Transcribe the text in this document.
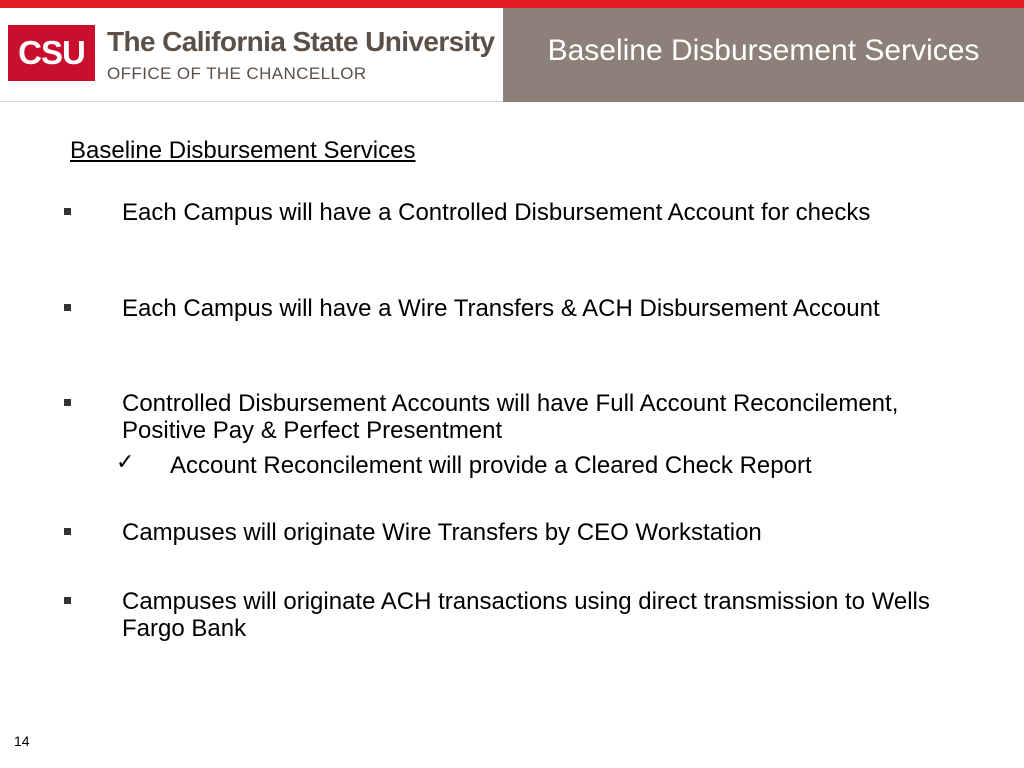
CSU The California State University
OFFICE OF THE CHANCELLOR
Baseline Disbursement Services
Baseline Disbursement Services
Each Campus will have a Controlled Disbursement Account for checks
Each Campus will have a Wire Transfers & ACH Disbursement Account
Controlled Disbursement Accounts will have Full Account Reconcilement, Positive Pay & Perfect Presentment
✓ Account Reconcilement will provide a Cleared Check Report
Campuses will originate Wire Transfers by CEO Workstation
Campuses will originate ACH transactions using direct transmission to Wells Fargo Bank
14
